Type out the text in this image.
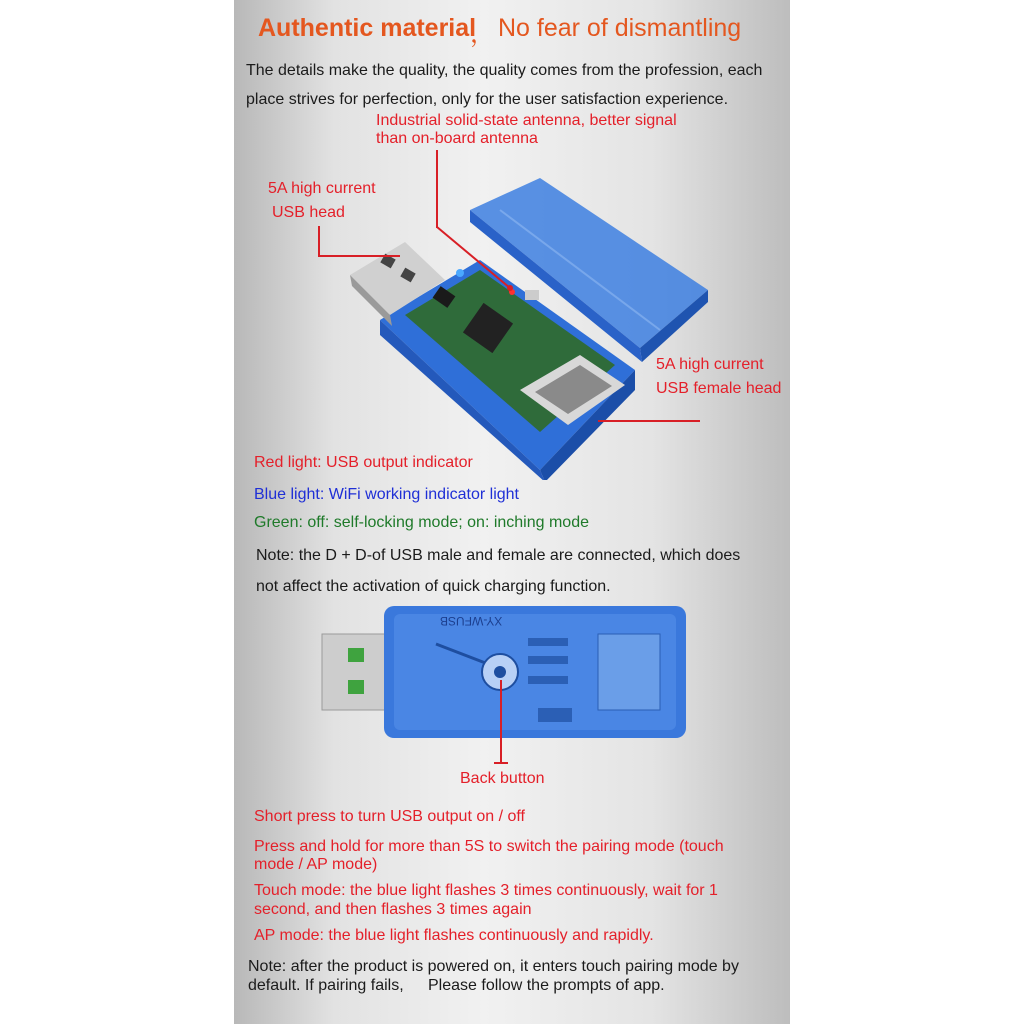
Authentic material
， No fear of dismantling
The details make the quality, the quality comes from the profession, each
place strives for perfection, only for the user satisfaction experience.
Industrial solid-state antenna, better signal
than on-board antenna
5A high current
USB head
5A high current
USB female head
Red light: USB output indicator
Blue light: WiFi working indicator light
Green: off: self-locking mode; on: inching mode
Note: the D + D-of USB male and female are connected, which does
not affect the activation of quick charging function.
XY-WFUSB
Back button
Short press to turn USB output on / off
Press and hold for more than 5S to switch the pairing mode (touch
mode / AP mode)
Touch mode: the blue light flashes 3 times continuously, wait for 1
second, and then flashes 3 times again
AP mode: the blue light flashes continuously and rapidly.
Note: after the product is powered on, it enters touch pairing mode by
default. If pairing fails, Please follow the prompts of app.
